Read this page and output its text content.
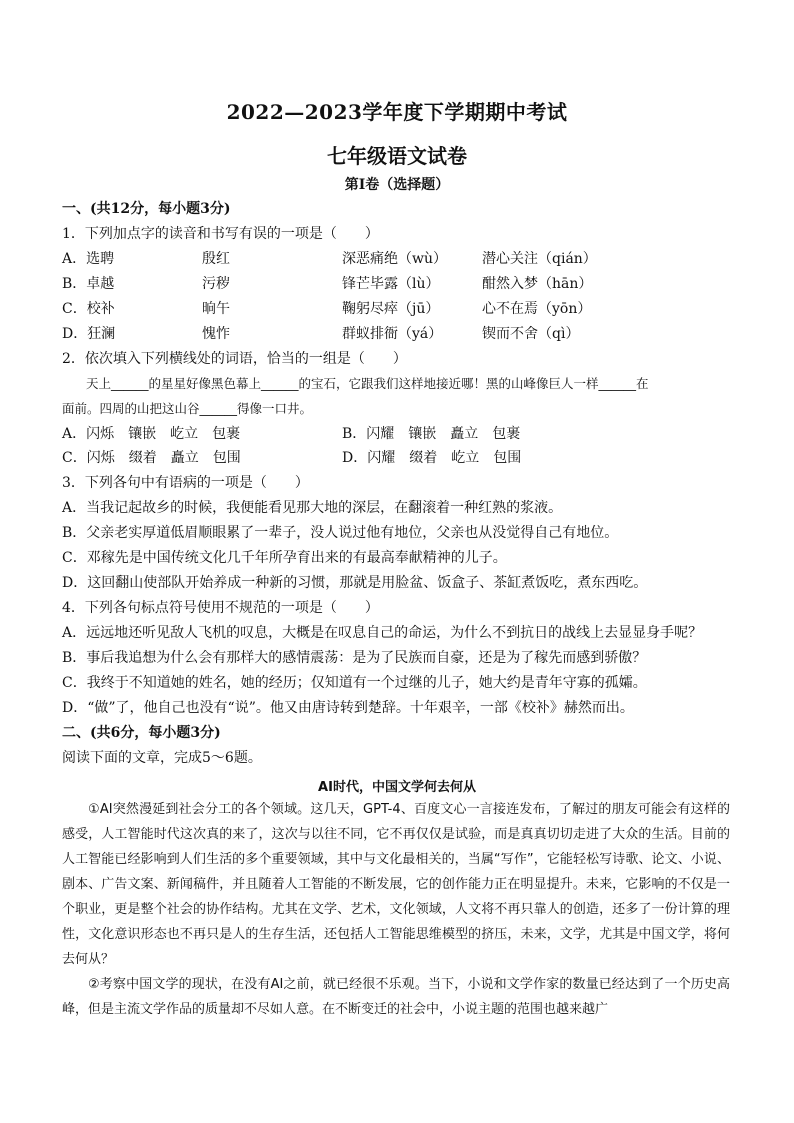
2022—2023学年度下学期期中考试
七年级语文试卷
第Ⅰ卷（选择题）
一、(共12分，每小题3分)
1．下列加点字的读音和书写有误的一项是（　　）
A．选聘	殷红	深恶痛绝（wù）	潜心关注（qián）
B．卓越	污秽	锋芒毕露（lù）	酣然入梦（hān）
C．校补	晌午	鞠躬尽瘁（jū）	心不在焉（yōn）
D．狂澜	愧怍	群蚁排衙（yá）	锲而不舍（qì）
2．依次填入下列横线处的词语，恰当的一组是（　　）

天上______的星星好像黑色幕上______的宝石，它跟我们这样地接近哪！黑的山峰像巨人一样______在

面前。四周的山把这山谷______得像一口井。

A．闪烁　镶嵌　屹立　包裹	B．闪耀　镶嵌　矗立　包裹
C．闪烁　缀着　矗立　包围	D．闪耀　缀着　屹立　包围
3．下列各句中有语病的一项是（　　）
A．当我记起故乡的时候，我便能看见那大地的深层，在翻滚着一种红熟的浆液。
B．父亲老实厚道低眉顺眼累了一辈子，没人说过他有地位，父亲也从没觉得自己有地位。
C．邓稼先是中国传统文化几千年所孕育出来的有最高奉献精神的儿子。
D．这回翻山使部队开始养成一种新的习惯，那就是用脸盆、饭盒子、茶缸煮饭吃，煮东西吃。
4．下列各句标点符号使用不规范的一项是（　　）
A．远远地还听见敌人飞机的叹息，大概是在叹息自己的命运，为什么不到抗日的战线上去显显身手呢？
B．事后我追想为什么会有那样大的感情震荡：是为了民族而自豪，还是为了稼先而感到骄傲？
C．我终于不知道她的姓名，她的经历；仅知道有一个过继的儿子，她大约是青年守寡的孤孀。
D．“做”了，他自己也没有“说”。他又由唐诗转到楚辞。十年艰辛，一部《校补》赫然而出。
二、(共6分，每小题3分)
阅读下面的文章，完成5～6题。
AI时代，中国文学何去何从

①AI突然漫延到社会分工的各个领域。这几天，GPT-4、百度文心一言接连发布，了解过的朋友可能会有这样的感受，人工智能时代这次真的来了，这次与以往不同，它不再仅仅是试验，而是真真切切走进了大众的生活。目前的人工智能已经影响到人们生活的多个重要领域，其中与文化最相关的，当属“写作”，它能轻松写诗歌、论文、小说、剧本、广告文案、新闻稿件，并且随着人工智能的不断发展，它的创作能力正在明显提升。未来，它影响的不仅是一个职业，更是整个社会的协作结构。尤其在文学、艺术，文化领域，人文将不再只靠人的创造，还多了一份计算的理性，文化意识形态也不再只是人的生存生活，还包括人工智能思维模型的挤压，未来，文学，尤其是中国文学，将何去何从？

②考察中国文学的现状，在没有AI之前，就已经很不乐观。当下，小说和文学作家的数量已经达到了一个历史高峰，但是主流文学作品的质量却不尽如人意。在不断变迁的社会中，小说主题的范围也越来越广
